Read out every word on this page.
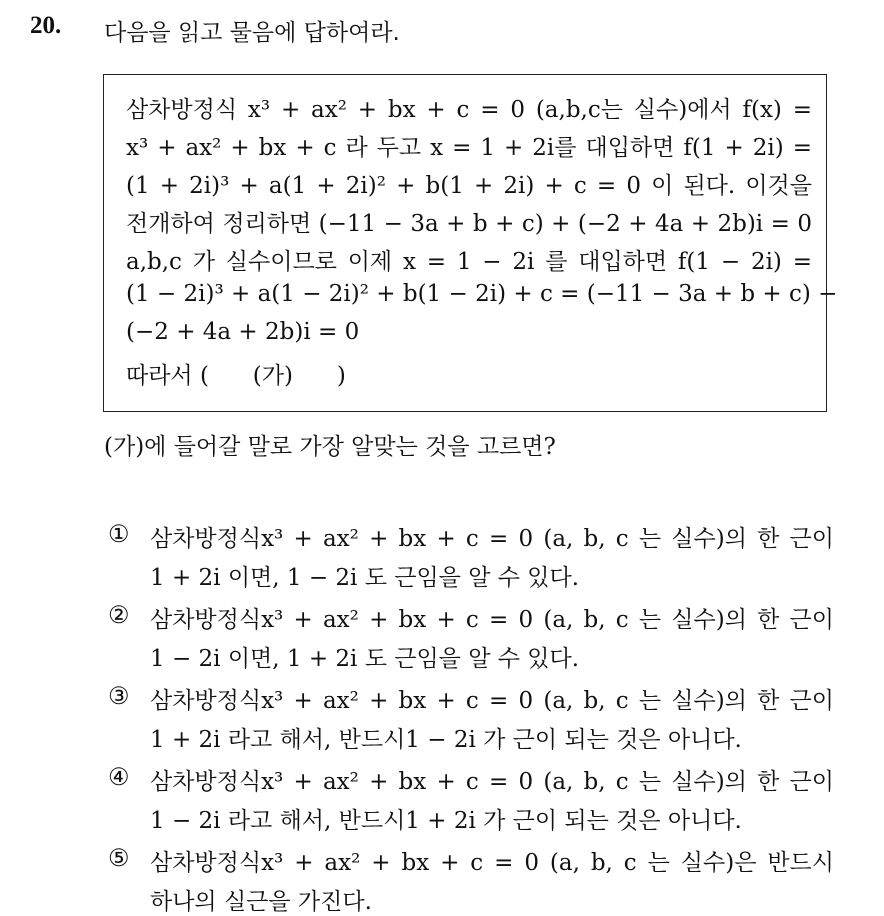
20. 다음을 읽고 물음에 답하여라.
삼차방정식 x³ + ax² + bx + c = 0 (a,b,c는 실수)에서 f(x) =
x³ + ax² + bx + c 라 두고 x = 1 + 2i를 대입하면 f(1 + 2i) =
(1 + 2i)³ + a(1 + 2i)² + b(1 + 2i) + c = 0 이 된다. 이것을
전개하여 정리하면 (−11 − 3a + b + c) + (−2 + 4a + 2b)i = 0
a,b,c 가 실수이므로 이제 x = 1 − 2i 를 대입하면 f(1 − 2i) =
(1 − 2i)³ + a(1 − 2i)² + b(1 − 2i) + c = (−11 − 3a + b + c) −
(−2 + 4a + 2b)i = 0
따라서 (      (가)      )
(가)에 들어갈 말로 가장 알맞는 것을 고르면?
① 삼차방정식x³ + ax² + bx + c = 0 (a, b, c 는 실수)의 한 근이
1 + 2i 이면, 1 − 2i 도 근임을 알 수 있다.
② 삼차방정식x³ + ax² + bx + c = 0 (a, b, c 는 실수)의 한 근이
1 − 2i 이면, 1 + 2i 도 근임을 알 수 있다.
③ 삼차방정식x³ + ax² + bx + c = 0 (a, b, c 는 실수)의 한 근이
1 + 2i 라고 해서, 반드시1 − 2i 가 근이 되는 것은 아니다.
④ 삼차방정식x³ + ax² + bx + c = 0 (a, b, c 는 실수)의 한 근이
1 − 2i 라고 해서, 반드시1 + 2i 가 근이 되는 것은 아니다.
⑤ 삼차방정식x³ + ax² + bx + c = 0 (a, b, c 는 실수)은 반드시
하나의 실근을 가진다.
